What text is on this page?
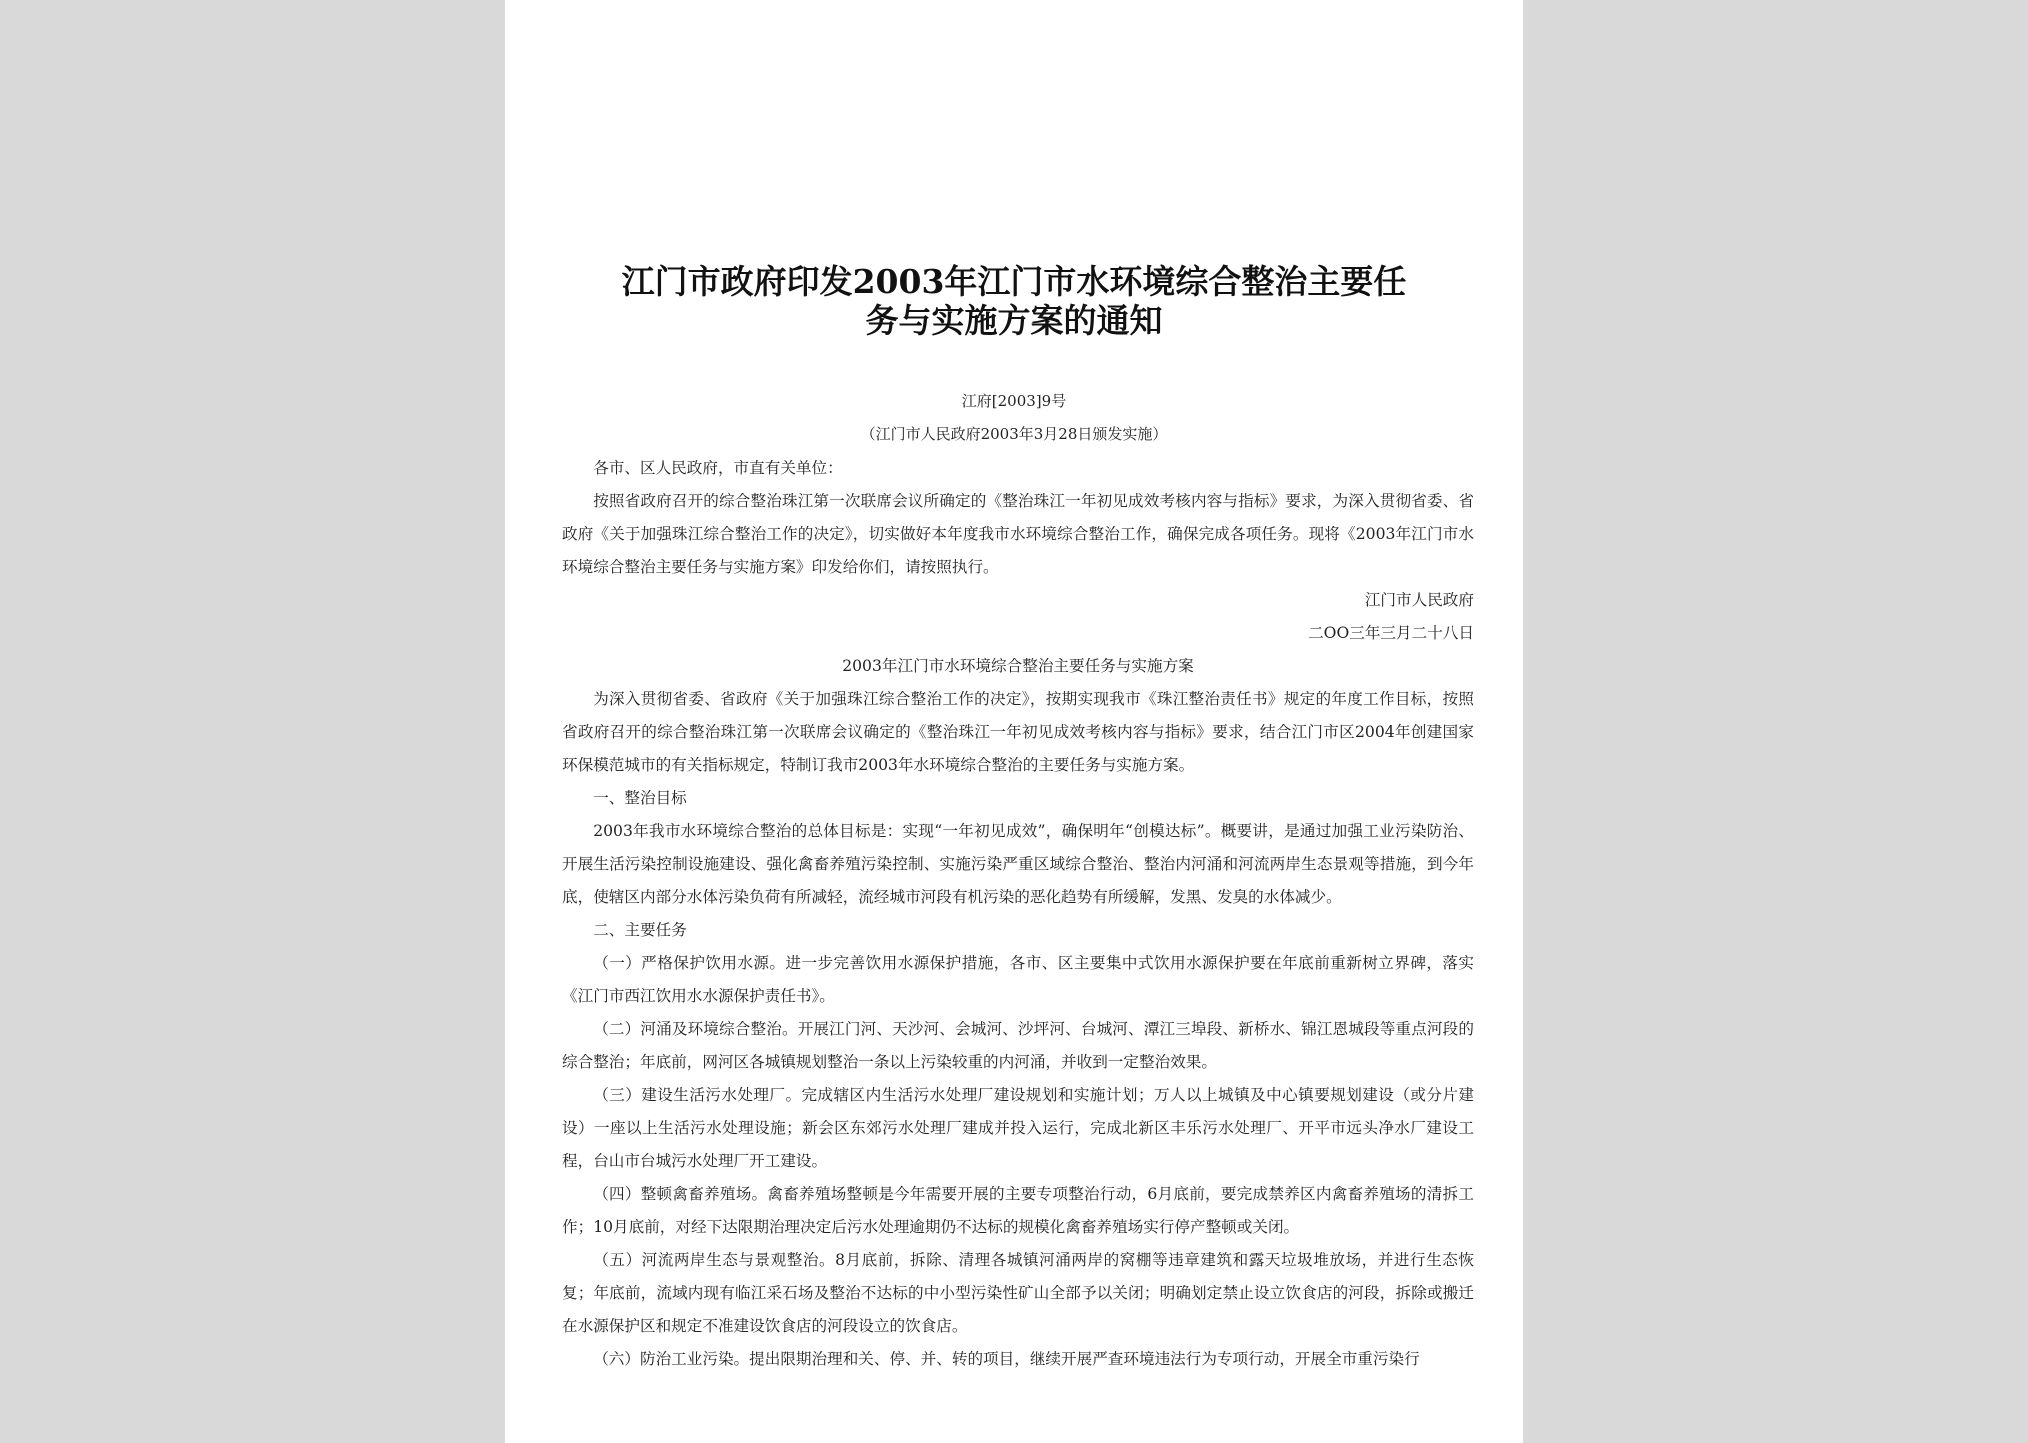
江门市政府印发2003年江门市水环境综合整治主要任
务与实施方案的通知
江府[2003]9号
（江门市人民政府2003年3月28日颁发实施）

各市、区人民政府，市直有关单位：

按照省政府召开的综合整治珠江第一次联席会议所确定的《整治珠江一年初见成效考核内容与指标》要求，为深入贯彻省委、省政府《关于加强珠江综合整治工作的决定》，切实做好本年度我市水环境综合整治工作，确保完成各项任务。现将《2003年江门市水环境综合整治主要任务与实施方案》印发给你们，请按照执行。

江门市人民政府

二OO三年三月二十八日

2003年江门市水环境综合整治主要任务与实施方案

为深入贯彻省委、省政府《关于加强珠江综合整治工作的决定》，按期实现我市《珠江整治责任书》规定的年度工作目标，按照省政府召开的综合整治珠江第一次联席会议确定的《整治珠江一年初见成效考核内容与指标》要求，结合江门市区2004年创建国家环保模范城市的有关指标规定，特制订我市2003年水环境综合整治的主要任务与实施方案。

一、整治目标

2003年我市水环境综合整治的总体目标是：实现“一年初见成效”，确保明年“创模达标”。概要讲，是通过加强工业污染防治、开展生活污染控制设施建设、强化禽畜养殖污染控制、实施污染严重区域综合整治、整治内河涌和河流两岸生态景观等措施，到今年底，使辖区内部分水体污染负荷有所减轻，流经城市河段有机污染的恶化趋势有所缓解，发黑、发臭的水体减少。

二、主要任务

（一）严格保护饮用水源。进一步完善饮用水源保护措施，各市、区主要集中式饮用水源保护要在年底前重新树立界碑，落实《江门市西江饮用水水源保护责任书》。

（二）河涌及环境综合整治。开展江门河、天沙河、会城河、沙坪河、台城河、潭江三埠段、新桥水、锦江恩城段等重点河段的综合整治；年底前，网河区各城镇规划整治一条以上污染较重的内河涌，并收到一定整治效果。

（三）建设生活污水处理厂。完成辖区内生活污水处理厂建设规划和实施计划；万人以上城镇及中心镇要规划建设（或分片建设）一座以上生活污水处理设施；新会区东郊污水处理厂建成并投入运行，完成北新区丰乐污水处理厂、开平市远头净水厂建设工程，台山市台城污水处理厂开工建设。

（四）整顿禽畜养殖场。禽畜养殖场整顿是今年需要开展的主要专项整治行动，6月底前，要完成禁养区内禽畜养殖场的清拆工作；10月底前，对经下达限期治理决定后污水处理逾期仍不达标的规模化禽畜养殖场实行停产整顿或关闭。

（五）河流两岸生态与景观整治。8月底前，拆除、清理各城镇河涌两岸的窝棚等违章建筑和露天垃圾堆放场，并进行生态恢复；年底前，流域内现有临江采石场及整治不达标的中小型污染性矿山全部予以关闭；明确划定禁止设立饮食店的河段，拆除或搬迁在水源保护区和规定不准建设饮食店的河段设立的饮食店。

（六）防治工业污染。提出限期治理和关、停、并、转的项目，继续开展严查环境违法行为专项行动，开展全市重污染行
